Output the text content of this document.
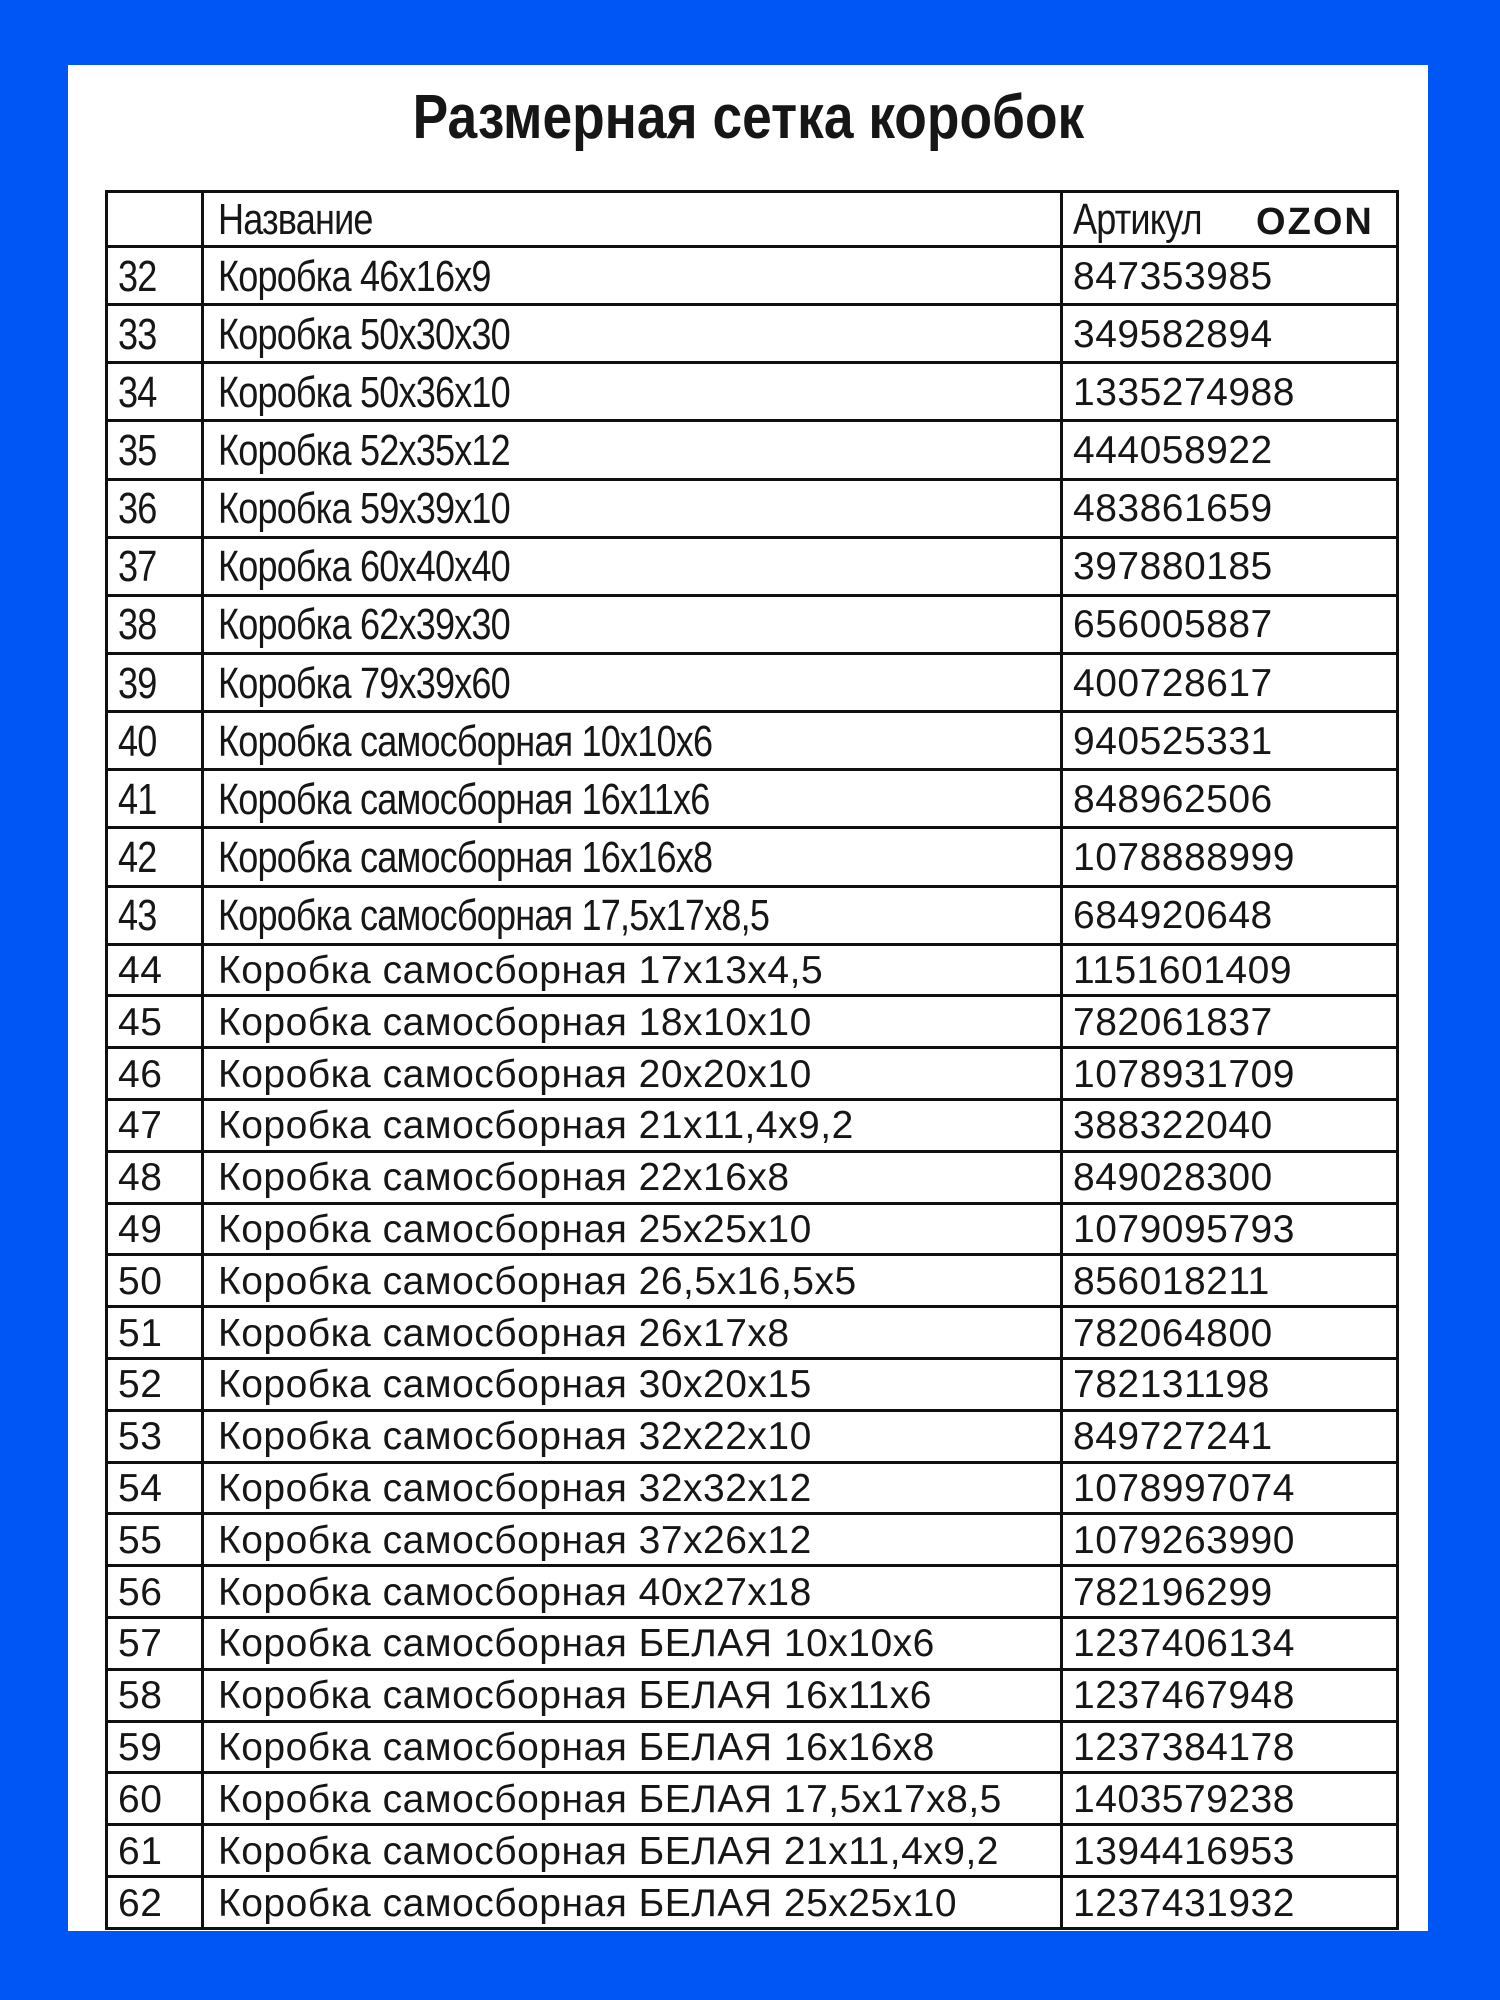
Размерная сетка коробок
	Название	Артикул OZON
32	Коробка 46х16х9	847353985
33	Коробка 50х30х30	349582894
34	Коробка 50х36х10	1335274988
35	Коробка 52х35х12	444058922
36	Коробка 59х39х10	483861659
37	Коробка 60х40х40	397880185
38	Коробка 62х39х30	656005887
39	Коробка 79х39х60	400728617
40	Коробка самосборная 10х10х6	940525331
41	Коробка самосборная 16х11х6	848962506
42	Коробка самосборная 16х16х8	1078888999
43	Коробка самосборная 17,5х17х8,5	684920648
44	Коробка самосборная 17х13х4,5	1151601409
45	Коробка самосборная 18х10х10	782061837
46	Коробка самосборная 20х20х10	1078931709
47	Коробка самосборная 21х11,4х9,2	388322040
48	Коробка самосборная 22х16х8	849028300
49	Коробка самосборная 25х25х10	1079095793
50	Коробка самосборная 26,5х16,5х5	856018211
51	Коробка самосборная 26х17х8	782064800
52	Коробка самосборная 30х20х15	782131198
53	Коробка самосборная 32х22х10	849727241
54	Коробка самосборная 32х32х12	1078997074
55	Коробка самосборная 37х26х12	1079263990
56	Коробка самосборная 40х27х18	782196299
57	Коробка самосборная БЕЛАЯ 10х10х6	1237406134
58	Коробка самосборная БЕЛАЯ 16х11х6	1237467948
59	Коробка самосборная БЕЛАЯ 16х16х8	1237384178
60	Коробка самосборная БЕЛАЯ 17,5х17х8,5	1403579238
61	Коробка самосборная БЕЛАЯ 21х11,4х9,2	1394416953
62	Коробка самосборная БЕЛАЯ 25х25х10	1237431932
